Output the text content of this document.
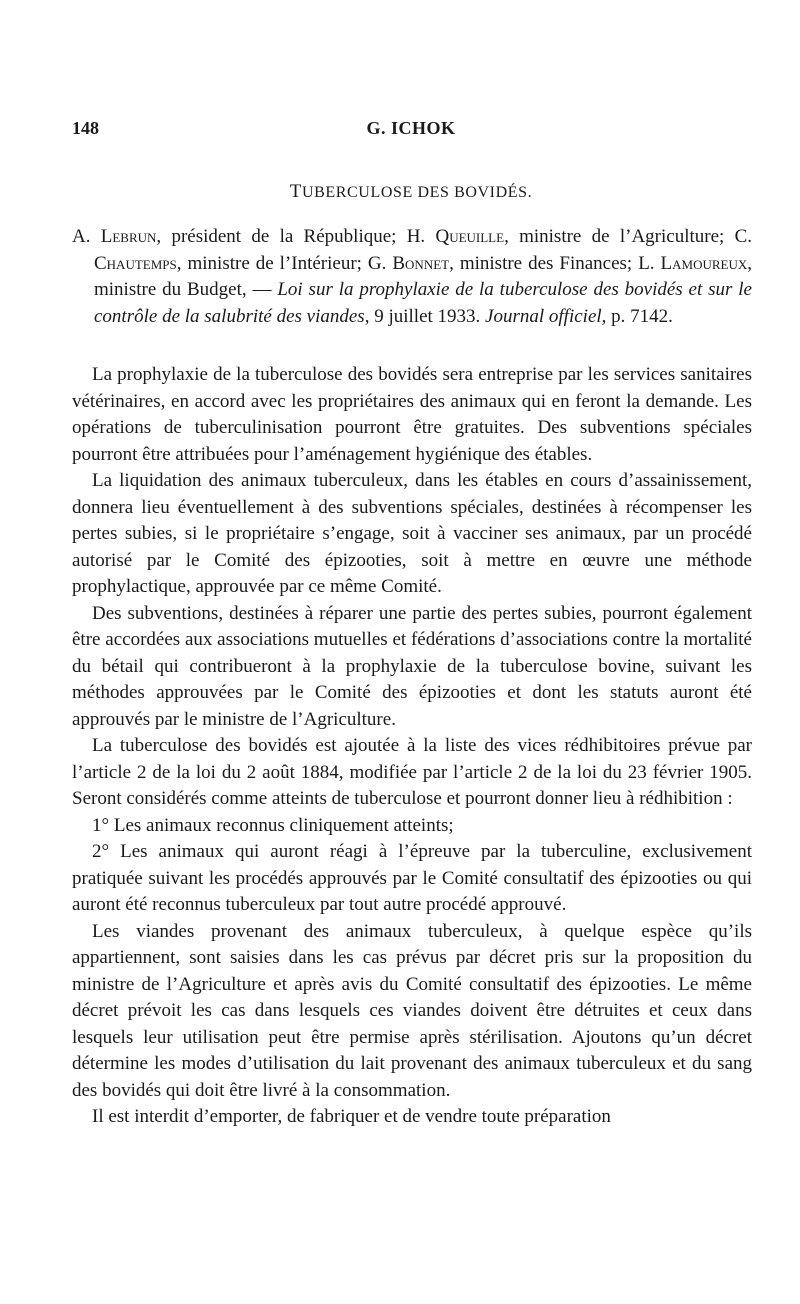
148	G. ICHOK
TUBERCULOSE DES BOVIDÉS.
A. Lebrun, président de la République; H. Queuille, ministre de l’Agriculture; C. Chautemps, ministre de l’Intérieur; G. Bonnet, ministre des Finances; L. Lamoureux, ministre du Budget, — Loi sur la prophylaxie de la tuberculose des bovidés et sur le contrôle de la salubrité des viandes, 9 juillet 1933. Journal officiel, p. 7142.

La prophylaxie de la tuberculose des bovidés sera entreprise par les services sanitaires vétérinaires, en accord avec les propriétaires des animaux qui en feront la demande. Les opérations de tuberculinisation pourront être gratuites. Des subventions spéciales pourront être attribuées pour l’aménagement hygiénique des étables.

La liquidation des animaux tuberculeux, dans les étables en cours d’assainissement, donnera lieu éventuellement à des subventions spéciales, destinées à récompenser les pertes subies, si le propriétaire s’engage, soit à vacciner ses animaux, par un procédé autorisé par le Comité des épizooties, soit à mettre en œuvre une méthode prophylactique, approuvée par ce même Comité.

Des subventions, destinées à réparer une partie des pertes subies, pourront également être accordées aux associations mutuelles et fédérations d’associations contre la mortalité du bétail qui contribueront à la prophylaxie de la tuberculose bovine, suivant les méthodes approuvées par le Comité des épizooties et dont les statuts auront été approuvés par le ministre de l’Agriculture.

La tuberculose des bovidés est ajoutée à la liste des vices rédhibitoires prévue par l’article 2 de la loi du 2 août 1884, modifiée par l’article 2 de la loi du 23 février 1905. Seront considérés comme atteints de tuberculose et pourront donner lieu à rédhibition :

1° Les animaux reconnus cliniquement atteints;

2° Les animaux qui auront réagi à l’épreuve par la tuberculine, exclusivement pratiquée suivant les procédés approuvés par le Comité consultatif des épizooties ou qui auront été reconnus tuberculeux par tout autre procédé approuvé.

Les viandes provenant des animaux tuberculeux, à quelque espèce qu’ils appartiennent, sont saisies dans les cas prévus par décret pris sur la proposition du ministre de l’Agriculture et après avis du Comité consultatif des épizooties. Le même décret prévoit les cas dans lesquels ces viandes doivent être détruites et ceux dans lesquels leur utilisation peut être permise après stérilisation. Ajoutons qu’un décret détermine les modes d’utilisation du lait provenant des animaux tuberculeux et du sang des bovidés qui doit être livré à la consommation.

Il est interdit d’emporter, de fabriquer et de vendre toute préparation
